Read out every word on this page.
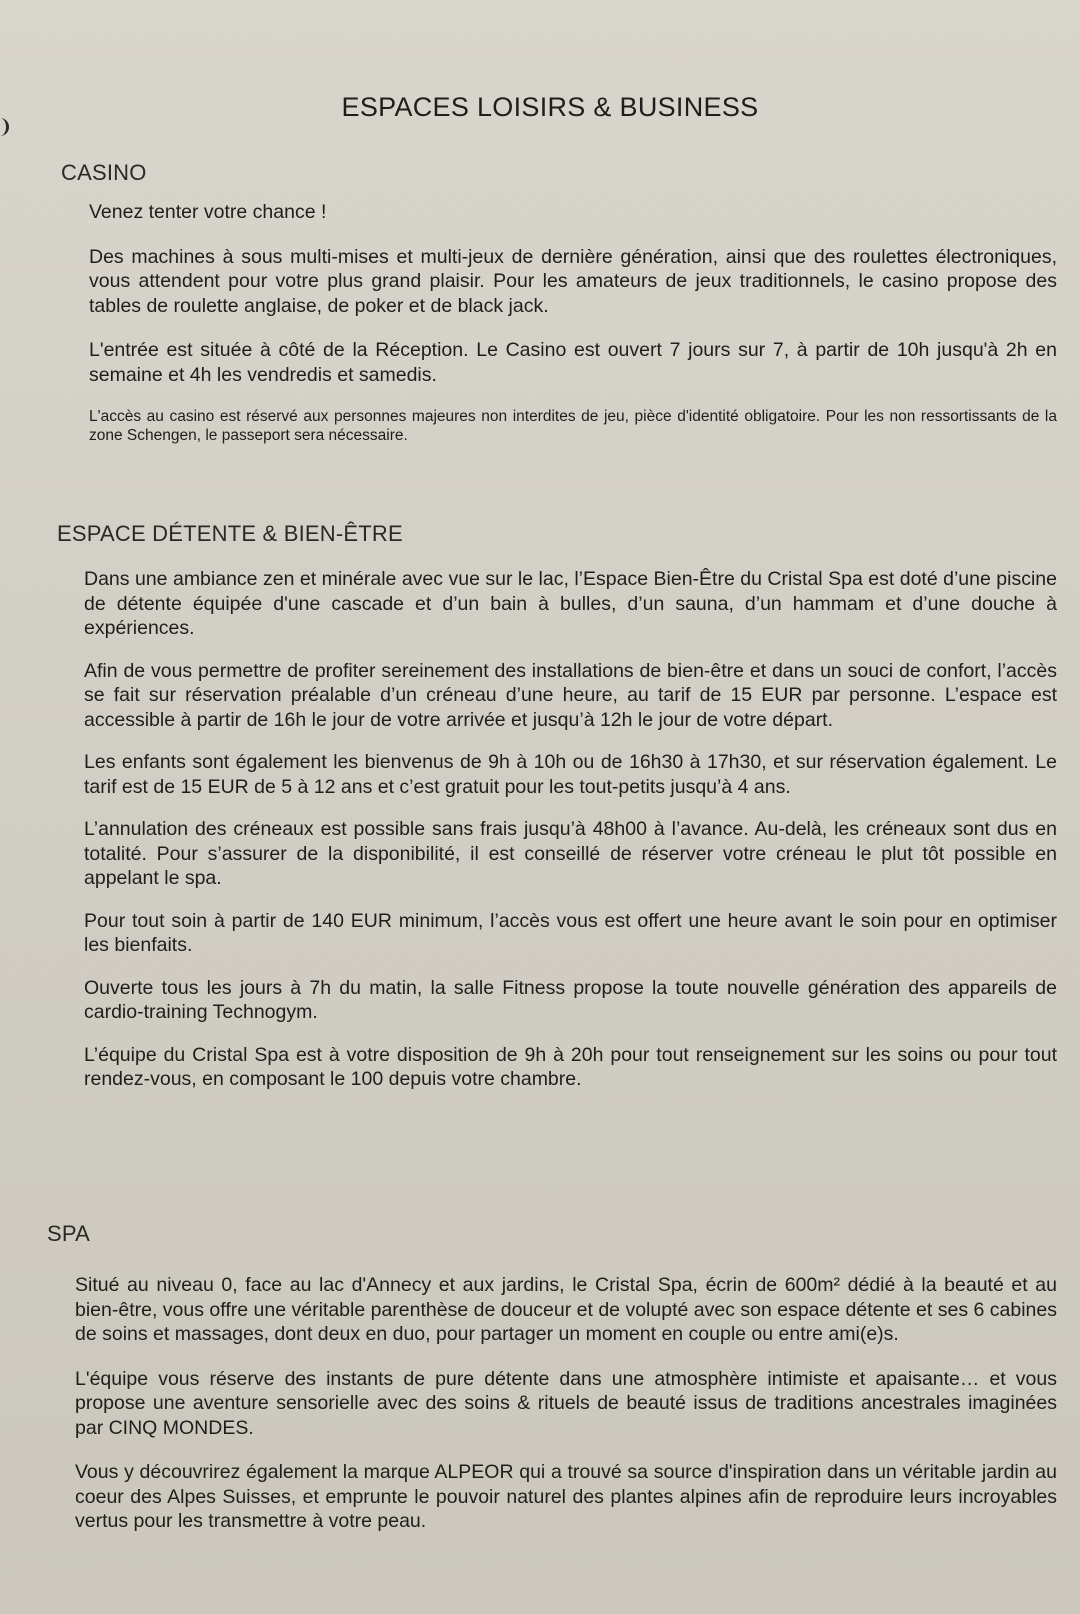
ESPACES LOISIRS & BUSINESS
CASINO

Venez tenter votre chance !

Des machines à sous multi-mises et multi-jeux de dernière génération, ainsi que des roulettes électroniques, vous attendent pour votre plus grand plaisir. Pour les amateurs de jeux traditionnels, le casino propose des tables de roulette anglaise, de poker et de black jack.

L'entrée est située à côté de la Réception. Le Casino est ouvert 7 jours sur 7, à partir de 10h jusqu'à 2h en semaine et 4h les vendredis et samedis.

L'accès au casino est réservé aux personnes majeures non interdites de jeu, pièce d'identité obligatoire. Pour les non ressortissants de la zone Schengen, le passeport sera nécessaire.

ESPACE DÉTENTE & BIEN-ÊTRE

Dans une ambiance zen et minérale avec vue sur le lac, l’Espace Bien-Être du Cristal Spa est doté d’une piscine de détente équipée d'une cascade et d’un bain à bulles, d’un sauna, d’un hammam et d’une douche à expériences.

Afin de vous permettre de profiter sereinement des installations de bien-être et dans un souci de confort, l’accès se fait sur réservation préalable d’un créneau d’une heure, au tarif de 15 EUR par personne. L’espace est accessible à partir de 16h le jour de votre arrivée et jusqu’à 12h le jour de votre départ.

Les enfants sont également les bienvenus de 9h à 10h ou de 16h30 à 17h30, et sur réservation également. Le tarif est de 15 EUR de 5 à 12 ans et c’est gratuit pour les tout-petits jusqu’à 4 ans.

L’annulation des créneaux est possible sans frais jusqu’à 48h00 à l’avance. Au-delà, les créneaux sont dus en totalité. Pour s’assurer de la disponibilité, il est conseillé de réserver votre créneau le plut tôt possible en appelant le spa.

Pour tout soin à partir de 140 EUR minimum, l’accès vous est offert une heure avant le soin pour en optimiser les bienfaits.

Ouverte tous les jours à 7h du matin, la salle Fitness propose la toute nouvelle génération des appareils de cardio-training Technogym.

L’équipe du Cristal Spa est à votre disposition de 9h à 20h pour tout renseignement sur les soins ou pour tout rendez-vous, en composant le 100 depuis votre chambre.

SPA

Situé au niveau 0, face au lac d'Annecy et aux jardins, le Cristal Spa, écrin de 600m² dédié à la beauté et au bien-être, vous offre une véritable parenthèse de douceur et de volupté avec son espace détente et ses 6 cabines de soins et massages, dont deux en duo, pour partager un moment en couple ou entre ami(e)s.

L'équipe vous réserve des instants de pure détente dans une atmosphère intimiste et apaisante… et vous propose une aventure sensorielle avec des soins & rituels de beauté issus de traditions ancestrales imaginées par CINQ MONDES.

Vous y découvrirez également la marque ALPEOR qui a trouvé sa source d'inspiration dans un véritable jardin au coeur des Alpes Suisses, et emprunte le pouvoir naturel des plantes alpines afin de reproduire leurs incroyables vertus pour les transmettre à votre peau.
